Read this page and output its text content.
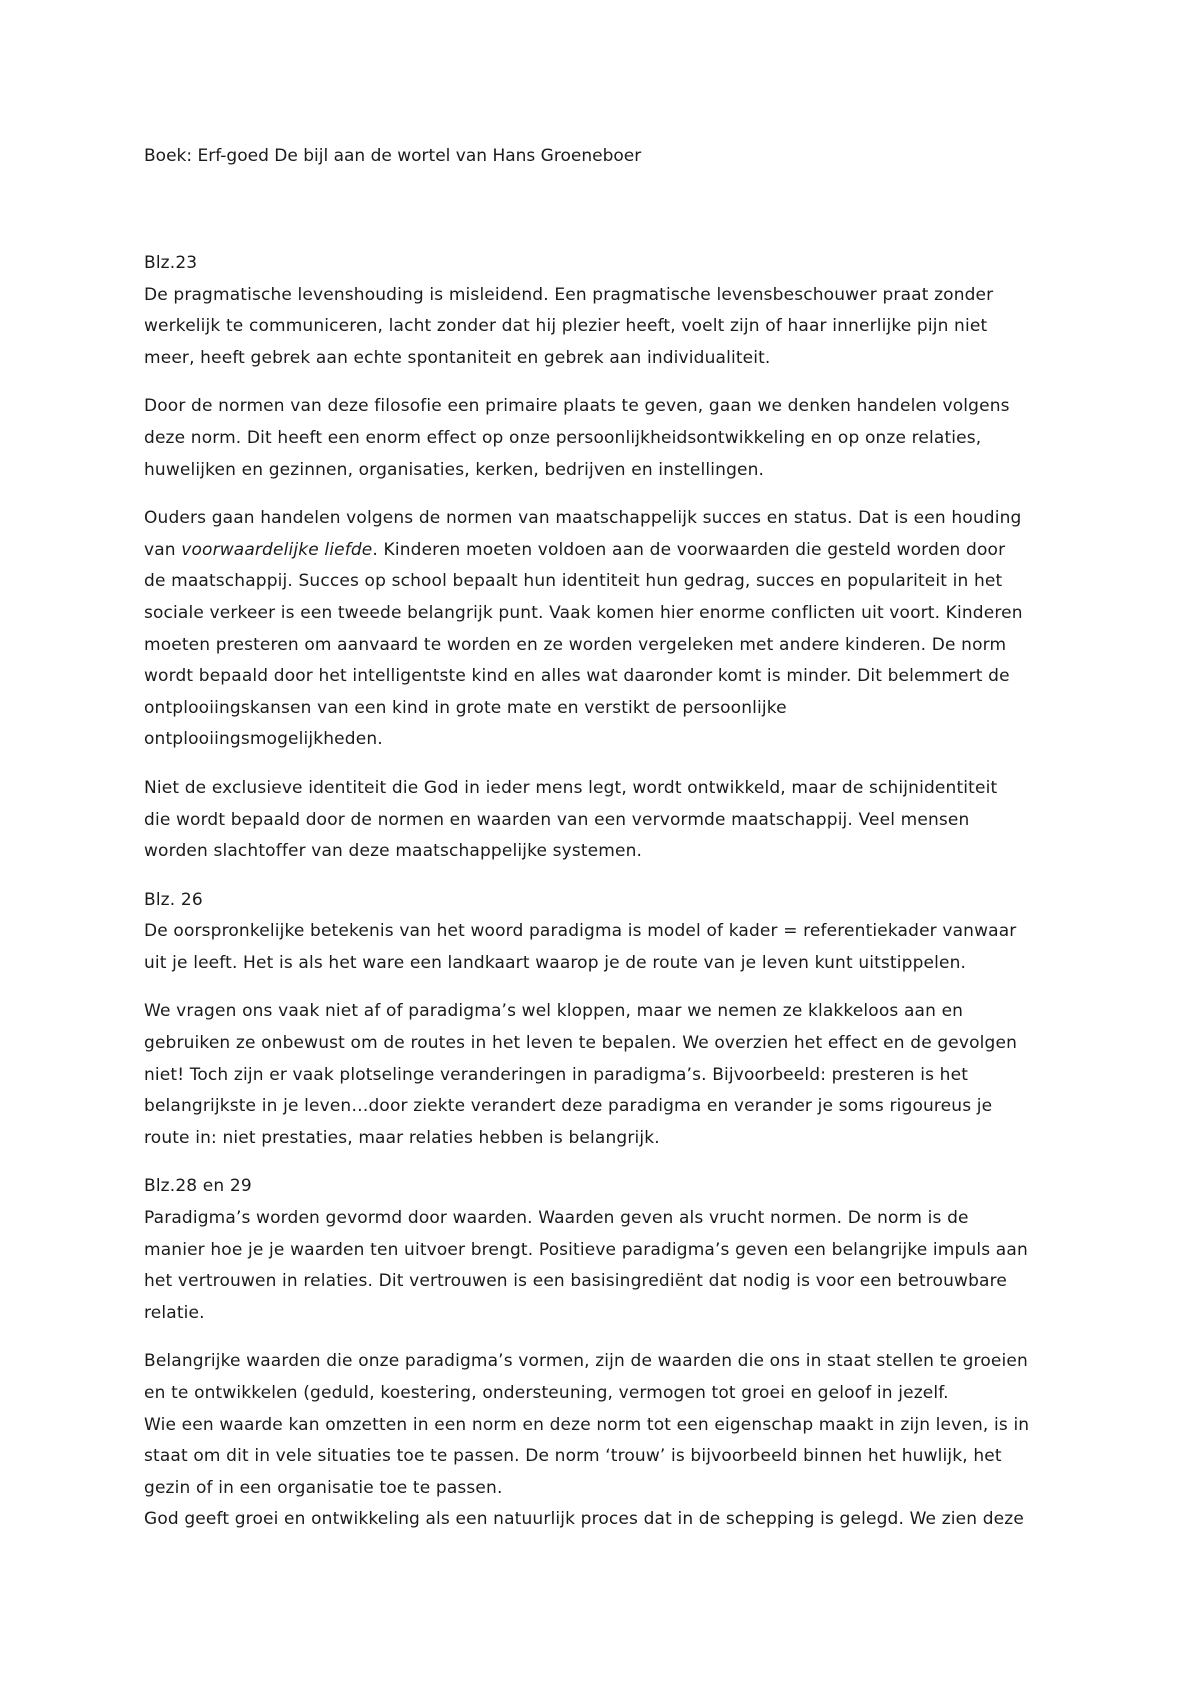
Boek: Erf-goed De bijl aan de wortel van Hans Groeneboer

Blz.23

De pragmatische levenshouding is misleidend. Een pragmatische levensbeschouwer praat zonder
werkelijk te communiceren, lacht zonder dat hij plezier heeft, voelt zijn of haar innerlijke pijn niet
meer, heeft gebrek aan echte spontaniteit en gebrek aan individualiteit.

Door de normen van deze filosofie een primaire plaats te geven, gaan we denken handelen volgens
deze norm. Dit heeft een enorm effect op onze persoonlijkheidsontwikkeling en op onze relaties,
huwelijken en gezinnen, organisaties, kerken, bedrijven en instellingen.

Ouders gaan handelen volgens de normen van maatschappelijk succes en status. Dat is een houding
van voorwaardelijke liefde. Kinderen moeten voldoen aan de voorwaarden die gesteld worden door
de maatschappij. Succes op school bepaalt hun identiteit hun gedrag, succes en populariteit in het
sociale verkeer is een tweede belangrijk punt. Vaak komen hier enorme conflicten uit voort. Kinderen
moeten presteren om aanvaard te worden en ze worden vergeleken met andere kinderen. De norm
wordt bepaald door het intelligentste kind en alles wat daaronder komt is minder. Dit belemmert de
ontplooiingskansen van een kind in grote mate en verstikt de persoonlijke
ontplooiingsmogelijkheden.

Niet de exclusieve identiteit die God in ieder mens legt, wordt ontwikkeld, maar de schijnidentiteit
die wordt bepaald door de normen en waarden van een vervormde maatschappij. Veel mensen
worden slachtoffer van deze maatschappelijke systemen.

Blz. 26

De oorspronkelijke betekenis van het woord paradigma is model of kader = referentiekader vanwaar
uit je leeft. Het is als het ware een landkaart waarop je de route van je leven kunt uitstippelen.

We vragen ons vaak niet af of paradigma’s wel kloppen, maar we nemen ze klakkeloos aan en
gebruiken ze onbewust om de routes in het leven te bepalen. We overzien het effect en de gevolgen
niet! Toch zijn er vaak plotselinge veranderingen in paradigma’s. Bijvoorbeeld: presteren is het
belangrijkste in je leven…door ziekte verandert deze paradigma en verander je soms rigoureus je
route in: niet prestaties, maar relaties hebben is belangrijk.

Blz.28 en 29

Paradigma’s worden gevormd door waarden. Waarden geven als vrucht normen. De norm is de
manier hoe je je waarden ten uitvoer brengt. Positieve paradigma’s geven een belangrijke impuls aan
het vertrouwen in relaties. Dit vertrouwen is een basisingrediënt dat nodig is voor een betrouwbare
relatie.

Belangrijke waarden die onze paradigma’s vormen, zijn de waarden die ons in staat stellen te groeien
en te ontwikkelen (geduld, koestering, ondersteuning, vermogen tot groei en geloof in jezelf.
Wie een waarde kan omzetten in een norm en deze norm tot een eigenschap maakt in zijn leven, is in
staat om dit in vele situaties toe te passen. De norm ‘trouw’ is bijvoorbeeld binnen het huwlijk, het
gezin of in een organisatie toe te passen.
God geeft groei en ontwikkeling als een natuurlijk proces dat in de schepping is gelegd. We zien deze
